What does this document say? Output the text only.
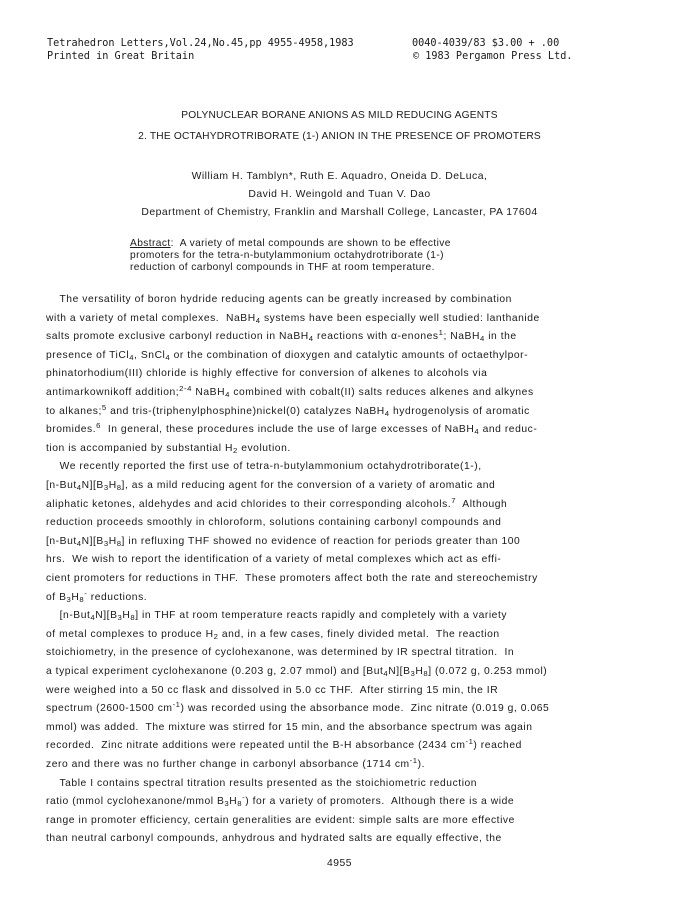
Tetrahedron Letters,Vol.24,No.45,pp 4955-4958,1983	0040-4039/83 $3.00 + .00
Printed in Great Britain	© 1983 Pergamon Press Ltd.
POLYNUCLEAR BORANE ANIONS AS MILD REDUCING AGENTS
2. THE OCTAHYDROTRIBORATE (1-) ANION IN THE PRESENCE OF PROMOTERS
William H. Tamblyn*, Ruth E. Aquadro, Oneida D. DeLuca,
David H. Weingold and Tuan V. Dao
Department of Chemistry, Franklin and Marshall College, Lancaster, PA 17604
Abstract:  A variety of metal compounds are shown to be effective
promoters for the tetra-n-butylammonium octahydrotriborate (1-)
reduction of carbonyl compounds in THF at room temperature.
The versatility of boron hydride reducing agents can be greatly increased by combination
with a variety of metal complexes.  NaBH$_4$ systems have been especially well studied: lanthanide
salts promote exclusive carbonyl reduction in NaBH$_4$ reactions with α-enones$^1$; NaBH$_4$ in the
presence of TiCl$_4$, SnCl$_4$ or the combination of dioxygen and catalytic amounts of octaethylpor-
phinatorhodium(III) chloride is highly effective for conversion of alkenes to alcohols via
antimarkownikoff addition;$^{2-4}$ NaBH$_4$ combined with cobalt(II) salts reduces alkenes and alkynes
to alkanes;$^5$ and tris-(triphenylphosphine)nickel(0) catalyzes NaBH$_4$ hydrogenolysis of aromatic
bromides.$^6$  In general, these procedures include the use of large excesses of NaBH$_4$ and reduc-
tion is accompanied by substantial $H_2$ evolution.
We recently reported the first use of tetra-n-butylammonium octahydrotriborate(1-),
$[n-But_4N][B_3H_8]$, as a mild reducing agent for the conversion of a variety of aromatic and
aliphatic ketones, aldehydes and acid chlorides to their corresponding alcohols.$^7$  Although
reduction proceeds smoothly in chloroform, solutions containing carbonyl compounds and
$[n-But_4N][B_3H_8]$ in refluxing THF showed no evidence of reaction for periods greater than 100
hrs.  We wish to report the identification of a variety of metal complexes which act as effi-
cient promoters for reductions in THF.  These promoters affect both the rate and stereochemistry
of $B_3H_8^-$ reductions.
$[n-But_4N][B_3H_8]$ in THF at room temperature reacts rapidly and completely with a variety
of metal complexes to produce $H_2$ and, in a few cases, finely divided metal.  The reaction
stoichiometry, in the presence of cyclohexanone, was determined by IR spectral titration.  In
a typical experiment cyclohexanone (0.203 g, 2.07 mmol) and $[But_4N][B_3H_8]$ (0.072 g, 0.253 mmol)
were weighed into a 50 cc flask and dissolved in 5.0 cc THF.  After stirring 15 min, the IR
spectrum (2600-1500 $cm^{-1}$) was recorded using the absorbance mode.  Zinc nitrate (0.019 g, 0.065
mmol) was added.  The mixture was stirred for 15 min, and the absorbance spectrum was again
recorded.  Zinc nitrate additions were repeated until the B-H absorbance (2434 $cm^{-1}$) reached
zero and there was no further change in carbonyl absorbance (1714 $cm^{-1}$).
Table I contains spectral titration results presented as the stoichiometric reduction
ratio (mmol cyclohexanone/mmol $B_3H_8^-$) for a variety of promoters.  Although there is a wide
range in promoter efficiency, certain generalities are evident: simple salts are more effective
than neutral carbonyl compounds, anhydrous and hydrated salts are equally effective, the
4955
